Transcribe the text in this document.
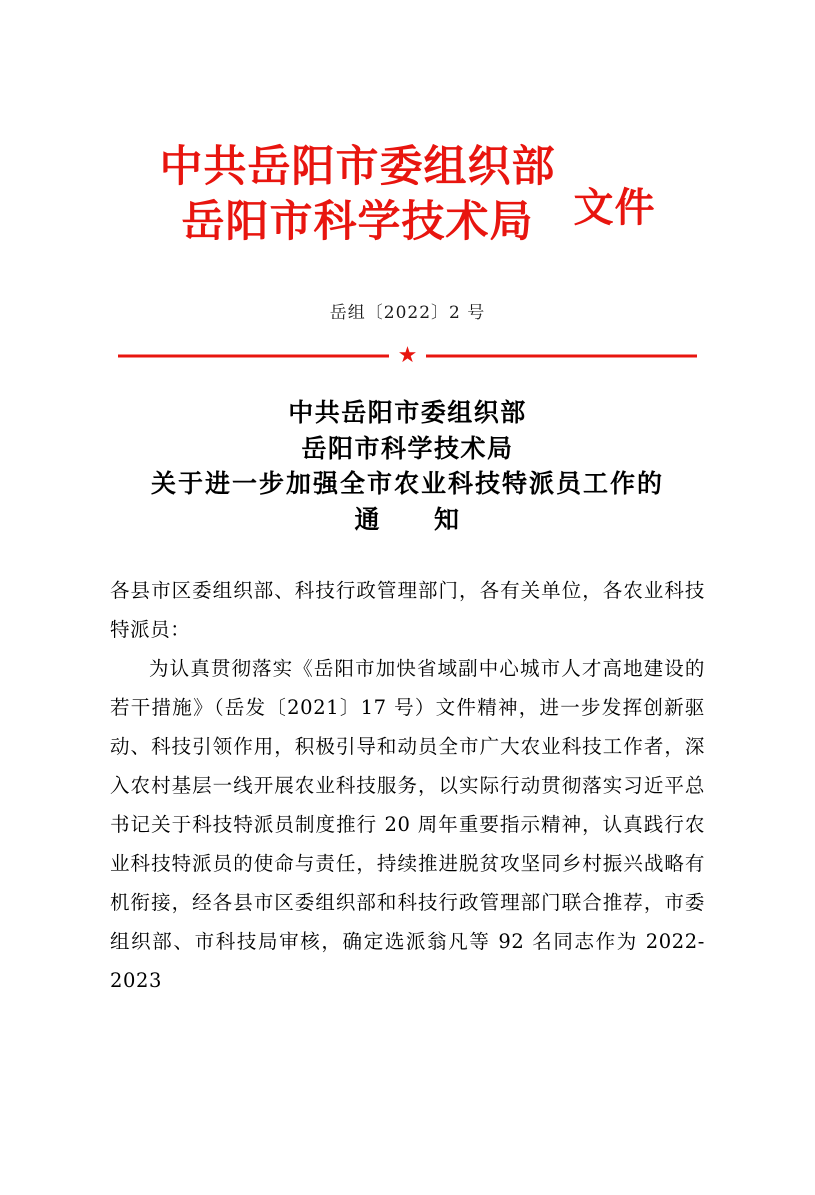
中共岳阳市委组织部
岳阳市科学技术局 文件
岳组〔2022〕2 号
★
中共岳阳市委组织部
岳阳市科学技术局
关于进一步加强全市农业科技特派员工作的
通　　知

各县市区委组织部、科技行政管理部门，各有关单位，各农业科技特派员：

为认真贯彻落实《岳阳市加快省域副中心城市人才高地建设的若干措施》（岳发〔2021〕17 号）文件精神，进一步发挥创新驱动、科技引领作用，积极引导和动员全市广大农业科技工作者，深入农村基层一线开展农业科技服务，以实际行动贯彻落实习近平总书记关于科技特派员制度推行 20 周年重要指示精神，认真践行农业科技特派员的使命与责任，持续推进脱贫攻坚同乡村振兴战略有机衔接，经各县市区委组织部和科技行政管理部门联合推荐，市委组织部、市科技局审核，确定选派翁凡等 92 名同志作为 2022-2023
